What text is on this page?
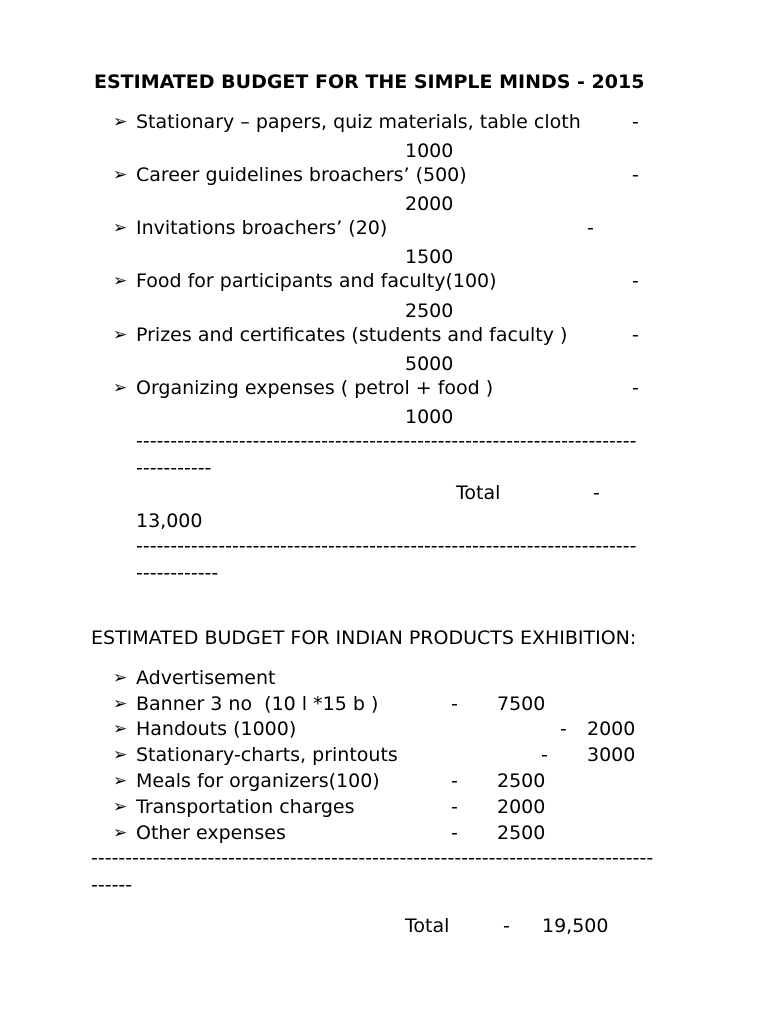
ESTIMATED BUDGET FOR THE SIMPLE MINDS - 2015
➢ Stationary – papers, quiz materials, table cloth	-
1000
➢ Career guidelines broachers’ (500)	-
2000
➢ Invitations broachers’ (20)	-
1500
➢ Food for participants and faculty(100)	-
2500
➢ Prizes and certificates (students and faculty )	-
5000
➢ Organizing expenses ( petrol + food )	-
1000
-------------------------------------------------------------------------
-----------
Total	-
13,000
-------------------------------------------------------------------------
------------
ESTIMATED BUDGET FOR INDIAN PRODUCTS EXHIBITION:
➢ Advertisement
➢ Banner 3 no  (10 l *15 b )	- 7500
➢ Handouts (1000)	- 2000
➢ Stationary-charts, printouts	- 3000
➢ Meals for organizers(100)	- 2500
➢ Transportation charges	- 2000
➢ Other expenses	- 2500
----------------------------------------------------------------------------------
------
Total	- 19,500
